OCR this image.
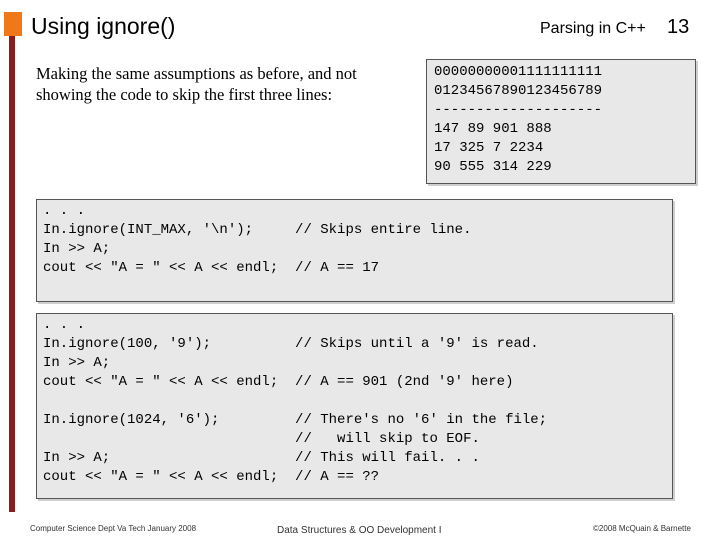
Using ignore()	Parsing in C++ 13
Making the same assumptions as before, and not showing the code to skip the first three lines:
00000000001111111111
01234567890123456789
--------------------
147 89 901 888
17 325 7 2234
90 555 314 229
. . .
In.ignore(INT_MAX, '\n');     // Skips entire line.
In >> A;
cout << "A = " << A << endl;  // A == 17
. . .
In.ignore(100, '9');          // Skips until a '9' is read.
In >> A;
cout << "A = " << A << endl;  // A == 901 (2nd '9' here)

In.ignore(1024, '6');         // There's no '6' in the file;
//   will skip to EOF.
In >> A;                      // This will fail. . .
cout << "A = " << A << endl;  // A == ??
Computer Science Dept Va Tech January 2008	Data Structures & OO Development I	©2008 McQuain & Barnette
